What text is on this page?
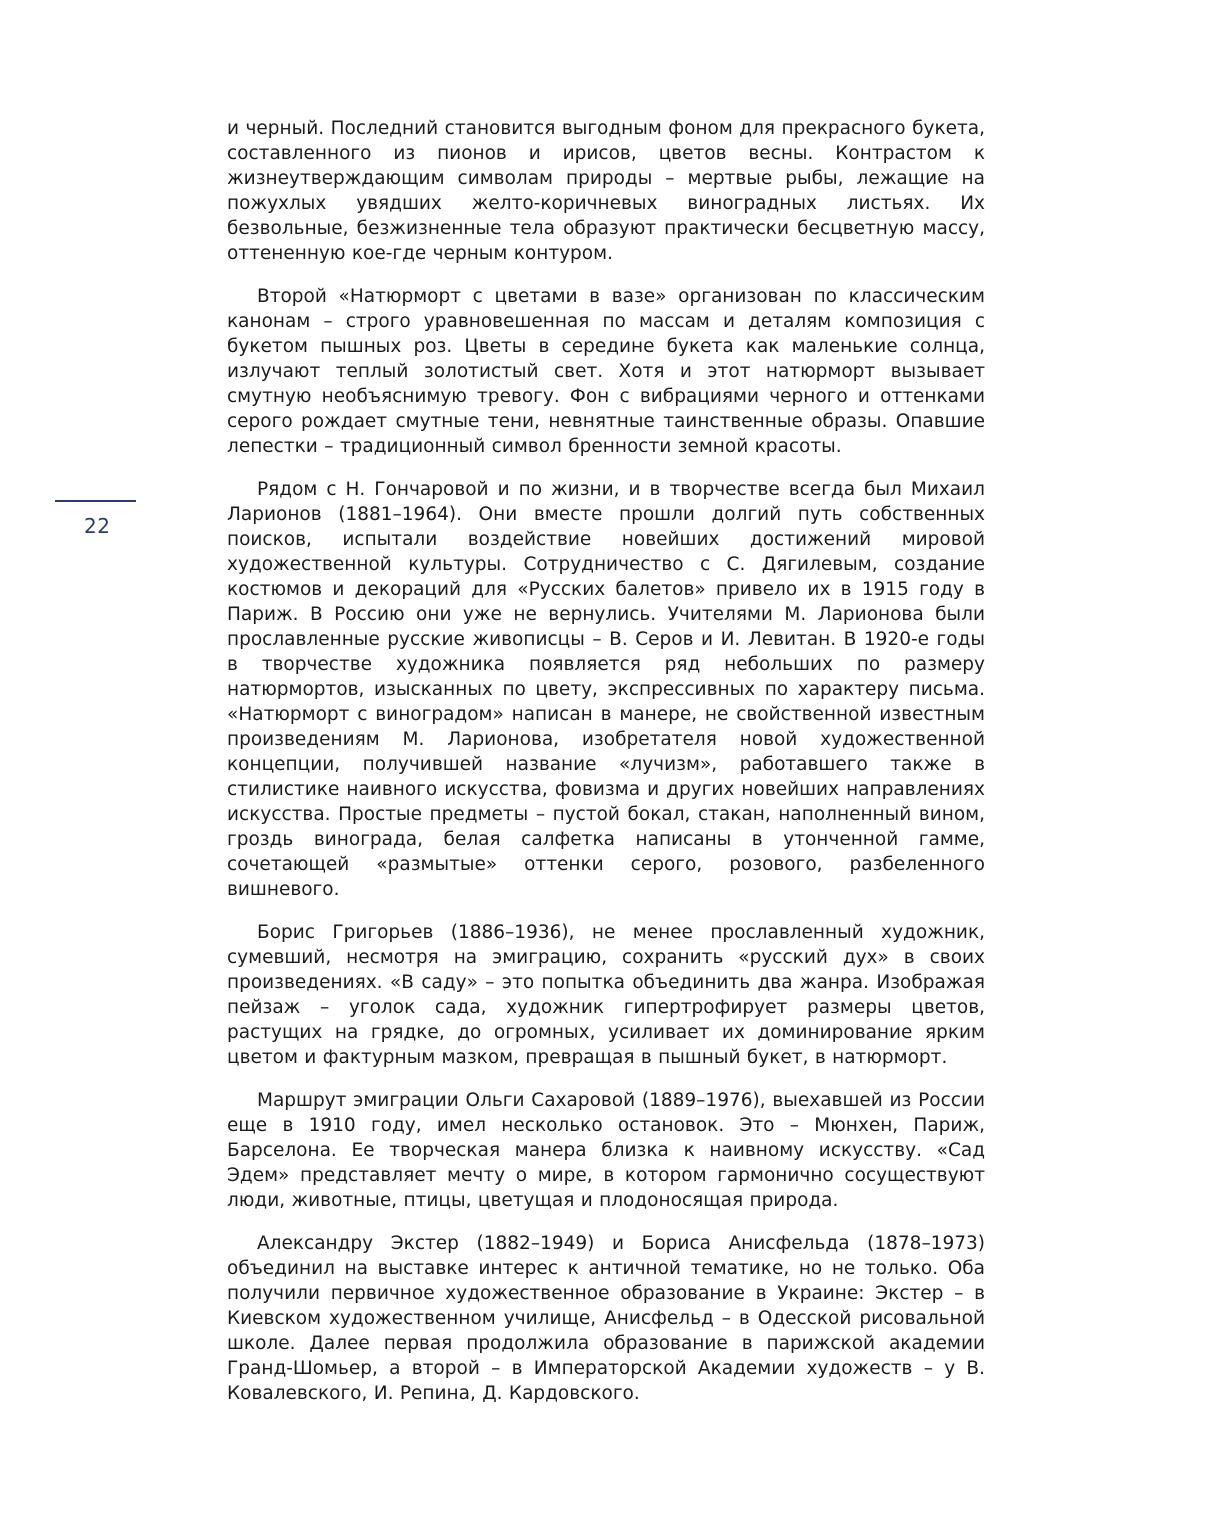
22

и черный. Последний становится выгодным фоном для прекрасного букета, составленного из пионов и ирисов, цветов весны. Контрастом к жизнеутверждающим символам природы – мертвые рыбы, лежащие на пожухлых увядших желто-коричневых виноградных листьях. Их безвольные, безжизненные тела образуют практически бесцветную массу, оттененную кое-где черным контуром.

Второй «Натюрморт с цветами в вазе» организован по классическим канонам – строго уравновешенная по массам и деталям композиция с букетом пышных роз. Цветы в середине букета как маленькие солнца, излучают теплый золотистый свет. Хотя и этот натюрморт вызывает смутную необъяснимую тревогу. Фон с вибрациями черного и оттенками серого рождает смутные тени, невнятные таинственные образы. Опавшие лепестки – традиционный символ бренности земной красоты.

Рядом с Н. Гончаровой и по жизни, и в творчестве всегда был Михаил Ларионов (1881–1964). Они вместе прошли долгий путь собственных поисков, испытали воздействие новейших достижений мировой художественной культуры. Сотрудничество с С. Дягилевым, создание костюмов и декораций для «Русских балетов» привело их в 1915 году в Париж. В Россию они уже не вернулись. Учителями М. Ларионова были прославленные русские живописцы – В. Серов и И. Левитан. В 1920-е годы в творчестве художника появляется ряд небольших по размеру натюрмортов, изысканных по цвету, экспрессивных по характеру письма. «Натюрморт с виноградом» написан в манере, не свойственной известным произведениям М. Ларионова, изобретателя новой художественной концепции, получившей название «лучизм», работавшего также в стилистике наивного искусства, фовизма и других новейших направлениях искусства. Простые предметы – пустой бокал, стакан, наполненный вином, гроздь винограда, белая салфетка написаны в утонченной гамме, сочетающей «размытые» оттенки серого, розового, разбеленного вишневого.

Борис Григорьев (1886–1936), не менее прославленный художник, сумевший, несмотря на эмиграцию, сохранить «русский дух» в своих произведениях. «В саду» – это попытка объединить два жанра. Изображая пейзаж – уголок сада, художник гипертрофирует размеры цветов, растущих на грядке, до огромных, усиливает их доминирование ярким цветом и фактурным мазком, превращая в пышный букет, в натюрморт.

Маршрут эмиграции Ольги Сахаровой (1889–1976), выехавшей из России еще в 1910 году, имел несколько остановок. Это – Мюнхен, Париж, Барселона. Ее творческая манера близка к наивному искусству. «Сад Эдем» представляет мечту о мире, в котором гармонично сосуществуют люди, животные, птицы, цветущая и плодоносящая природа.

Александру Экстер (1882–1949) и Бориса Анисфельда (1878–1973) объединил на выставке интерес к античной тематике, но не только. Оба получили первичное художественное образование в Украине: Экстер – в Киевском художественном училище, Анисфельд – в Одесской рисовальной школе. Далее первая продолжила образование в парижской академии Гранд-Шомьер, а второй – в Императорской Академии художеств – у В. Ковалевского, И. Репина, Д. Кардовского.
